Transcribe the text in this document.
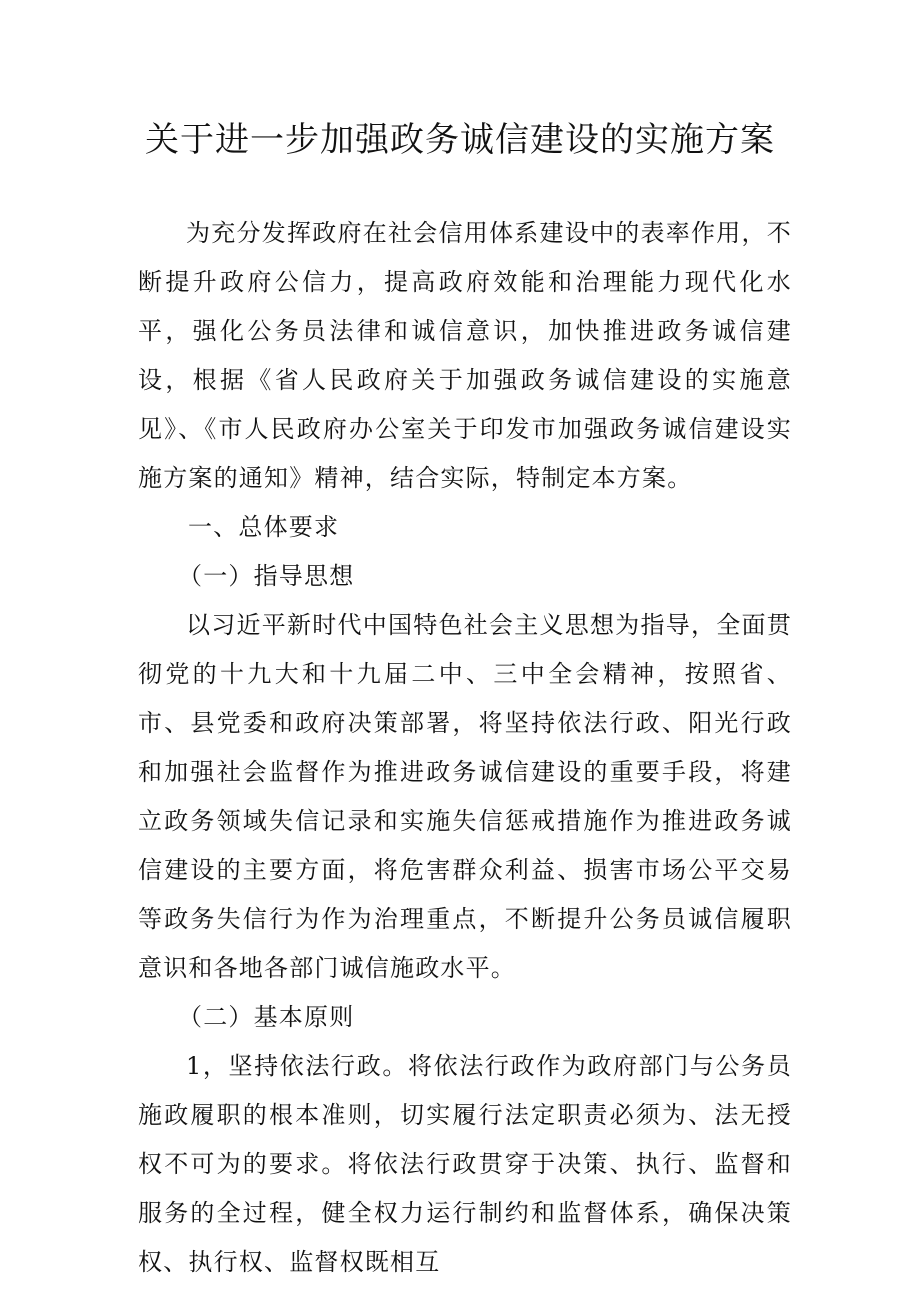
关于进一步加强政务诚信建设的实施方案

为充分发挥政府在社会信用体系建设中的表率作用，不断提升政府公信力，提高政府效能和治理能力现代化水平，强化公务员法律和诚信意识，加快推进政务诚信建设，根据《省人民政府关于加强政务诚信建设的实施意见》、《市人民政府办公室关于印发市加强政务诚信建设实施方案的通知》精神，结合实际，特制定本方案。

一、总体要求

（一）指导思想

以习近平新时代中国特色社会主义思想为指导，全面贯彻党的十九大和十九届二中、三中全会精神，按照省、市、县党委和政府决策部署，将坚持依法行政、阳光行政和加强社会监督作为推进政务诚信建设的重要手段，将建立政务领域失信记录和实施失信惩戒措施作为推进政务诚信建设的主要方面，将危害群众利益、损害市场公平交易等政务失信行为作为治理重点，不断提升公务员诚信履职意识和各地各部门诚信施政水平。

（二）基本原则

1，坚持依法行政。将依法行政作为政府部门与公务员施政履职的根本准则，切实履行法定职责必须为、法无授权不可为的要求。将依法行政贯穿于决策、执行、监督和服务的全过程，健全权力运行制约和监督体系，确保决策权、执行权、监督权既相互
